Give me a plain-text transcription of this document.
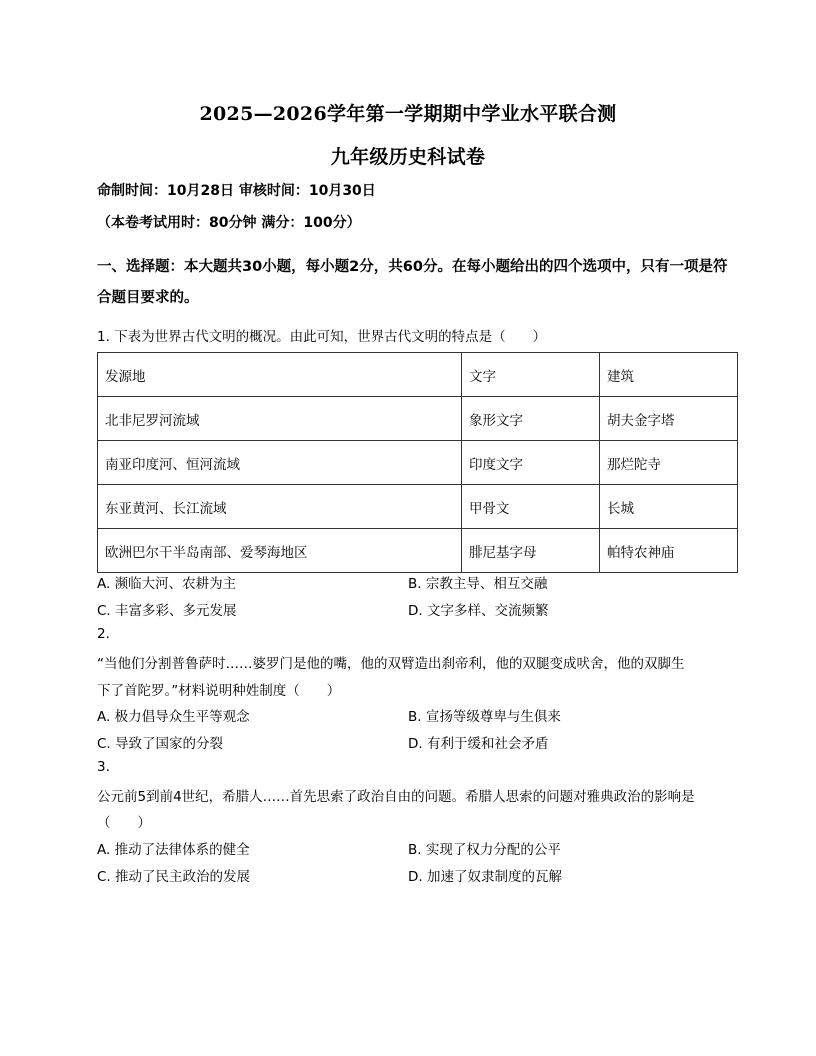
2025—2026学年第一学期期中学业水平联合测
九年级历史科试卷
命制时间：10月28日 审核时间：10月30日
（本卷考试用时：80分钟 满分：100分）
一、选择题：本大题共30小题，每小题2分，共60分。在每小题给出的四个选项中，只有一项是符合题目要求的。
1. 下表为世界古代文明的概况。由此可知，世界古代文明的特点是（　　）
发源地	文字	建筑
北非尼罗河流域	象形文字	胡夫金字塔
南亚印度河、恒河流域	印度文字	那烂陀寺
东亚黄河、长江流域	甲骨文	长城
欧洲巴尔干半岛南部、爱琴海地区	腓尼基字母	帕特农神庙
A. 濒临大河、农耕为主	B. 宗教主导、相互交融
C. 丰富多彩、多元发展	D. 文字多样、交流频繁
2.
“当他们分割普鲁萨时……婆罗门是他的嘴，他的双臂造出刹帝利，他的双腿变成吠舍，他的双脚生
下了首陀罗。”材料说明种姓制度（　　）
A. 极力倡导众生平等观念	B. 宣扬等级尊卑与生俱来
C. 导致了国家的分裂	D. 有利于缓和社会矛盾
3.
公元前5到前4世纪，希腊人……首先思索了政治自由的问题。希腊人思索的问题对雅典政治的影响是
（　　）
A. 推动了法律体系的健全	B. 实现了权力分配的公平
C. 推动了民主政治的发展	D. 加速了奴隶制度的瓦解
